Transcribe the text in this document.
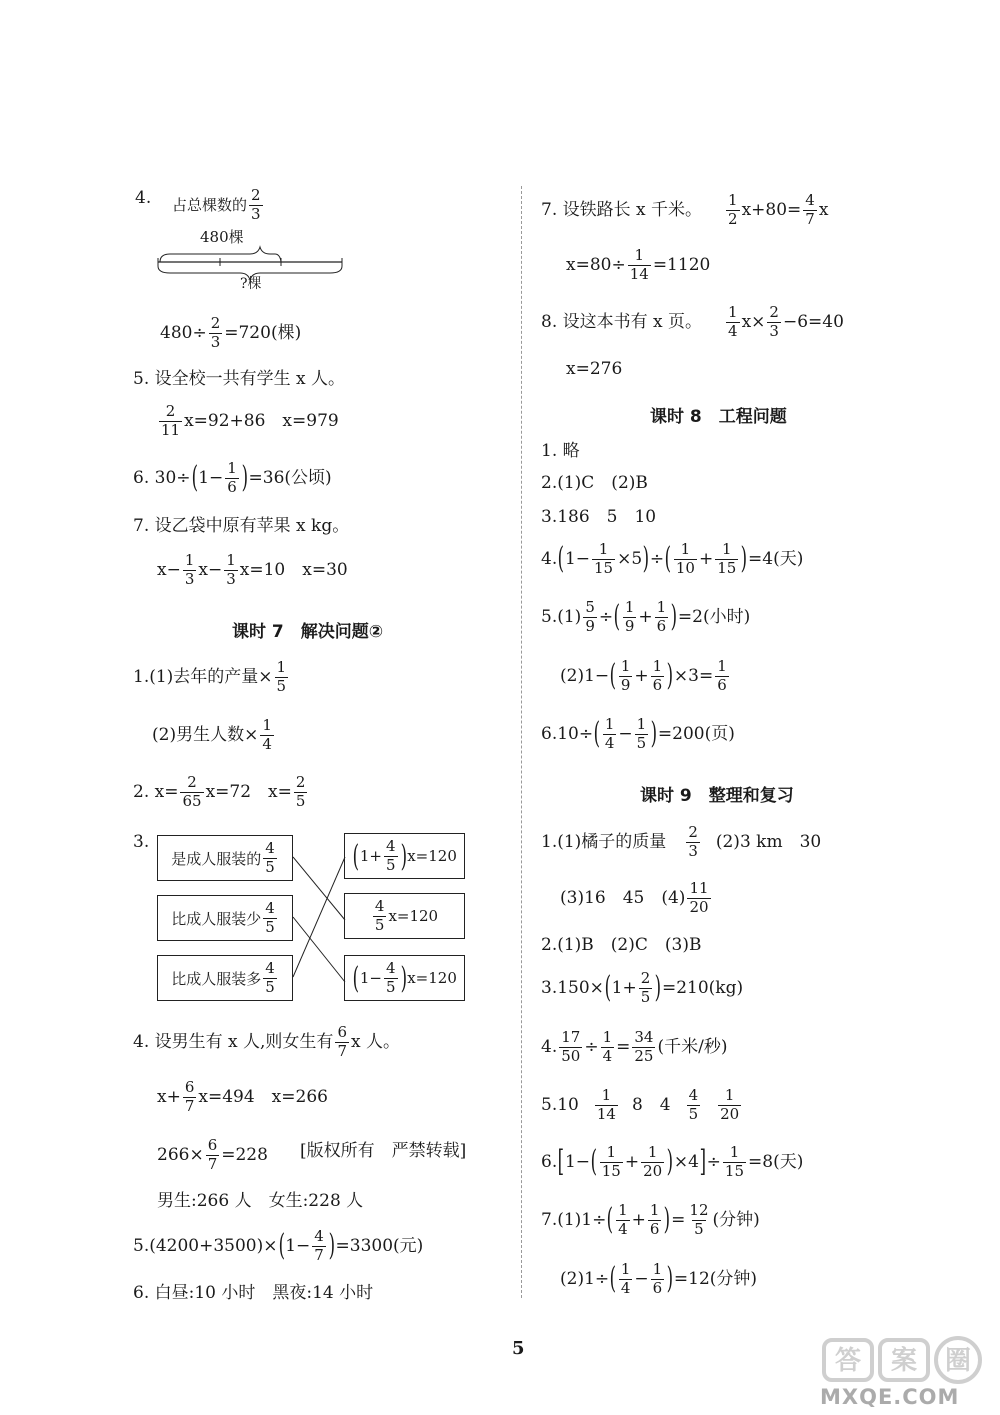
4. 占总棵数的
2
3
480棵
?棵
$480\div \frac{2}{3} =720$(棵)
5. 设全校一共有学生 x 人。
2
11 x=92+86　x=979
6. 30÷ ( $1- \frac{1}{6}$ ) =36(公顷)
7. 设乙袋中原有苹果 x kg。
$x- \frac{1}{3} x- \frac{1}{3} x=10$　x=30
课时 7　解决问题②
1.(1)去年的产量× $\frac{1}{5}$
(2)男生人数× $\frac{1}{4}$
2. $x= \frac{2}{65} x=72$　$x= \frac{2}{5}$
3.
是成人服装的
4
5
比成人服装少
4
5
比成人服装多
4
5
( $1+ \frac{4}{5}$ ) x=120
4
5 x=120
( $1- \frac{4}{5}$ ) x=120
4. 设男生有 x 人,则女生有 6
7 x 人。
$x+ \frac{6}{7} x=494$　x=266
$266\times \frac{6}{7} =228$ [版权所有　严禁转载]
男生:266 人　女生:228 人
5.(4200+3500)× ( $1- \frac{4}{7}$ ) =3300(元)
6. 白昼:10 小时　黑夜:14 小时
7. 设铁路长 x 千米。 1
2 $x+80= \frac{4}{7}$ x
$x=80\div \frac{1}{14} =1120$
8. 设这本书有 x 页。 1
4 $x\times \frac{2}{3} -6=40$
x=276
课时 8　工程问题
1. 略
2.(1)C　(2)B
3.186　5　10
4. ( $1- \frac{1}{15} \times 5$ ) ÷ ( 1
$10 + \frac{1}{15}$ ) =4(天)
$5.(1) \frac{5}{9}$ ÷ ( 1
$9 + \frac{1}{6}$ ) =2(小时)
(2)1− ( 1
$9 + \frac{1}{6}$ ) $\times 3= \frac{1}{6}$
6.10÷ ( 1
$4 - \frac{1}{5}$ ) =200(页)
课时 9　整理和复习
1.(1)橘子的质量 2
3 (2)3 km　30
(3)16　45　(4) 11
20
2.(1)B　(2)C　(3)B
3.150× ( $1+ \frac{2}{5}$ ) =210(kg)
4. $\frac{17}{50} \div \frac{1}{4} = \frac{34}{25}$ (千米/秒)
5.10 1
14 8　4 4
5
1
20
6. [ 1− ( 1
$15 + \frac{1}{20}$ ) ×4 ] ÷ $\frac{1}{15} =8$(天)
7.(1)1÷ ( 1
$4 + \frac{1}{6}$ ) = $\frac{12}{5}$ (分钟)
(2)1÷ ( 1
$4 - \frac{1}{6}$ ) =12(分钟)
5	答 案 圈
MXQE.COM
